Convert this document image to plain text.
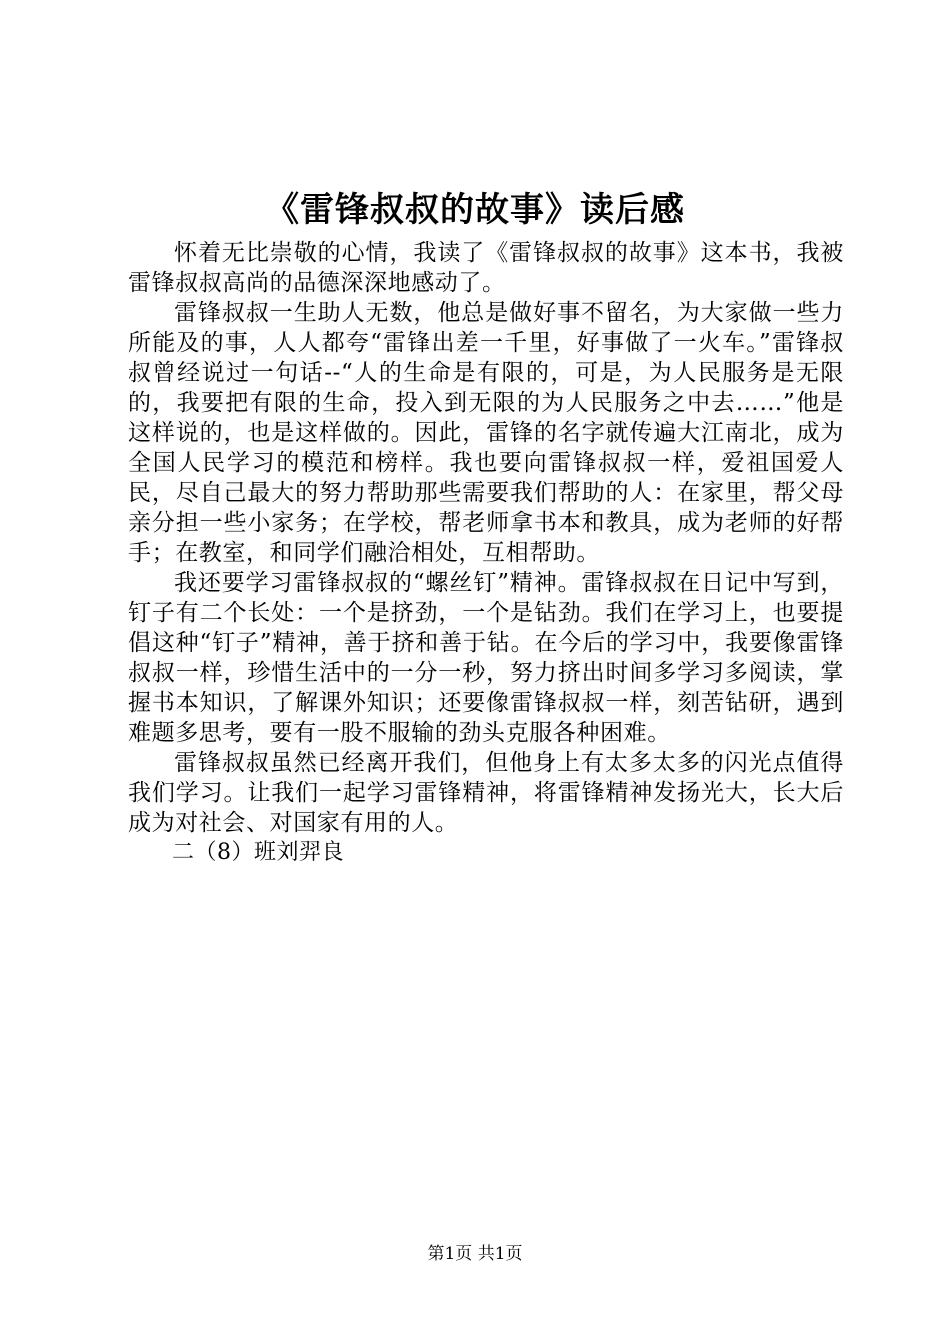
《雷锋叔叔的故事》读后感

怀着无比崇敬的心情，我读了《雷锋叔叔的故事》这本书，我被雷锋叔叔高尚的品德深深地感动了。

雷锋叔叔一生助人无数，他总是做好事不留名，为大家做一些力所能及的事，人人都夸“雷锋出差一千里，好事做了一火车。”雷锋叔叔曾经说过一句话--“人的生命是有限的，可是，为人民服务是无限的，我要把有限的生命，投入到无限的为人民服务之中去……”他是这样说的，也是这样做的。因此，雷锋的名字就传遍大江南北，成为全国人民学习的模范和榜样。我也要向雷锋叔叔一样，爱祖国爱人民，尽自己最大的努力帮助那些需要我们帮助的人：在家里，帮父母亲分担一些小家务；在学校，帮老师拿书本和教具，成为老师的好帮手；在教室，和同学们融洽相处，互相帮助。

我还要学习雷锋叔叔的“螺丝钉”精神。雷锋叔叔在日记中写到，钉子有二个长处：一个是挤劲，一个是钻劲。我们在学习上，也要提倡这种“钉子”精神，善于挤和善于钻。在今后的学习中，我要像雷锋叔叔一样，珍惜生活中的一分一秒，努力挤出时间多学习多阅读，掌握书本知识，了解课外知识；还要像雷锋叔叔一样，刻苦钻研，遇到难题多思考，要有一股不服输的劲头克服各种困难。

雷锋叔叔虽然已经离开我们，但他身上有太多太多的闪光点值得我们学习。让我们一起学习雷锋精神，将雷锋精神发扬光大，长大后成为对社会、对国家有用的人。

二（8）班刘羿良

第1页 共1页
